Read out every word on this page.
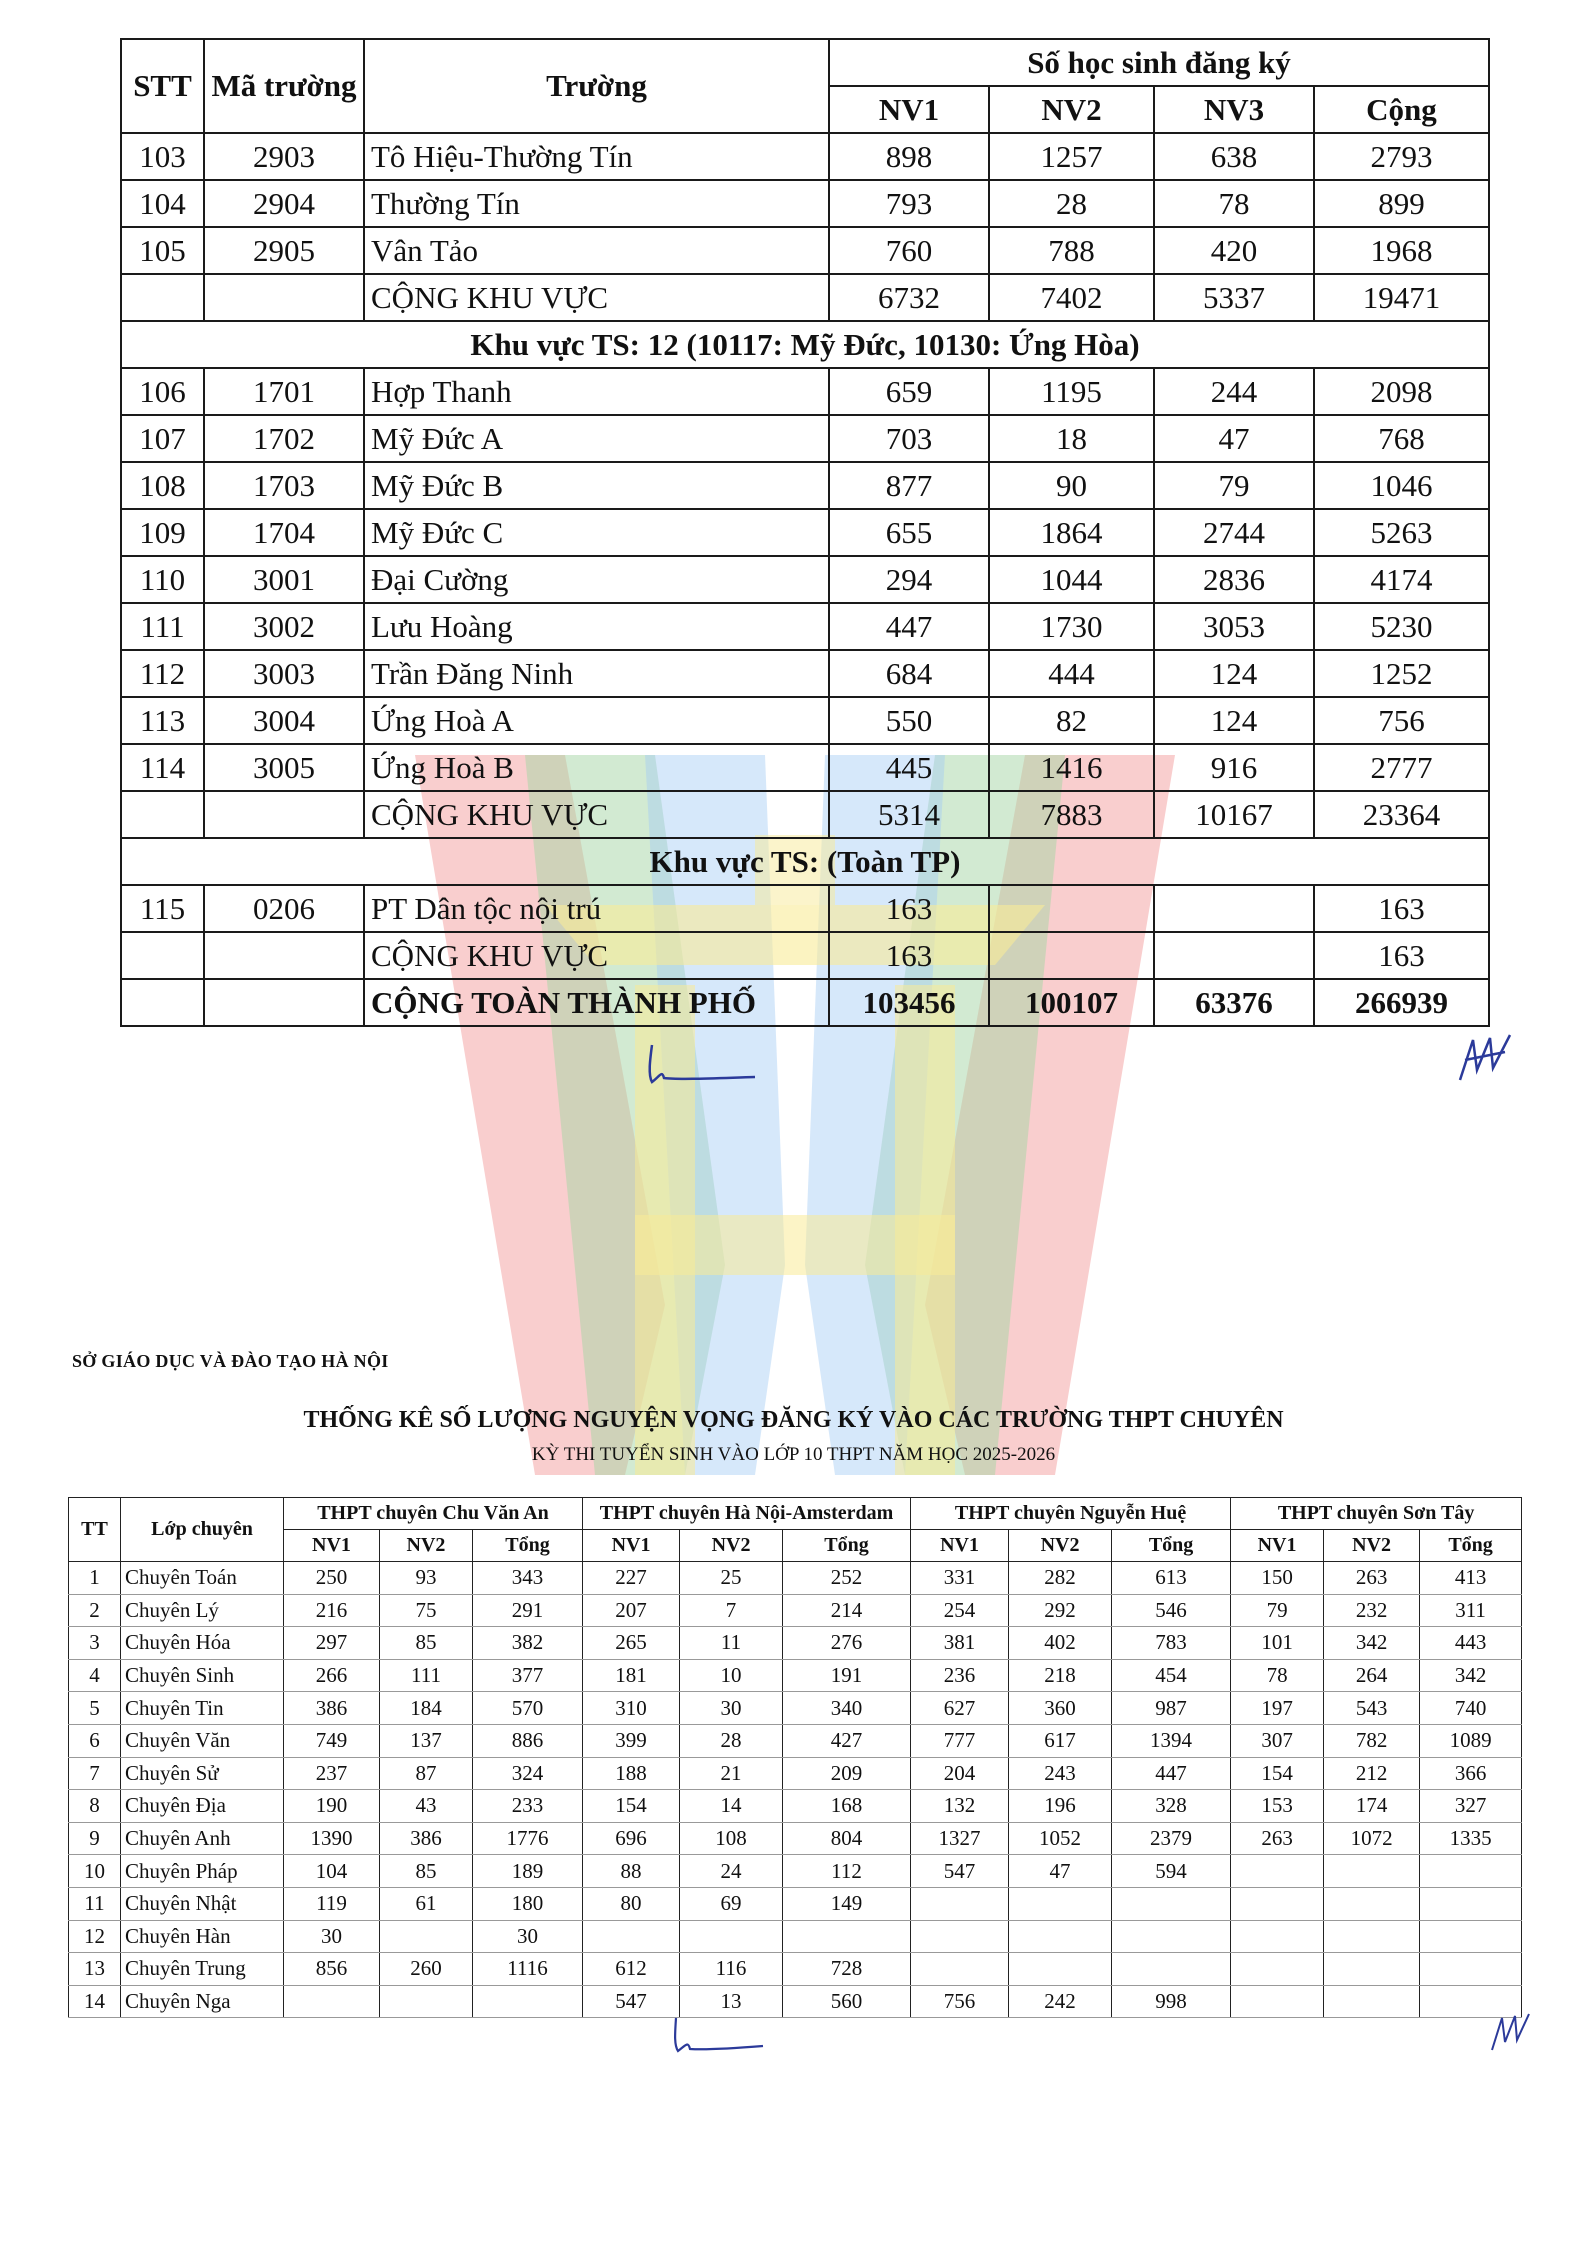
STT	Mã trường	Trường	Số học sinh đăng ký			
			NV1	NV2	NV3	Cộng
103	2903	Tô Hiệu-Thường Tín	898	1257	638	2793
104	2904	Thường Tín	793	28	78	899
105	2905	Vân Tảo	760	788	420	1968
		CỘNG KHU VỰC	6732	7402	5337	19471
Khu vực TS: 12 (10117: Mỹ Đức, 10130: Ứng Hòa)						
106	1701	Hợp Thanh	659	1195	244	2098
107	1702	Mỹ Đức A	703	18	47	768
108	1703	Mỹ Đức B	877	90	79	1046
109	1704	Mỹ Đức C	655	1864	2744	5263
110	3001	Đại Cường	294	1044	2836	4174
111	3002	Lưu Hoàng	447	1730	3053	5230
112	3003	Trần Đăng Ninh	684	444	124	1252
113	3004	Ứng Hoà A	550	82	124	756
114	3005	Ứng Hoà B	445	1416	916	2777
		CỘNG KHU VỰC	5314	7883	10167	23364
Khu vực TS: (Toàn TP)						
115	0206	PT Dân tộc nội trú	163			163
		CỘNG KHU VỰC	163			163
		CỘNG TOÀN THÀNH PHỐ	103456	100107	63376	266939
SỞ GIÁO DỤC VÀ ĐÀO TẠO HÀ NỘI
THỐNG KÊ SỐ LƯỢNG NGUYỆN VỌNG ĐĂNG KÝ VÀO CÁC TRƯỜNG THPT CHUYÊN
KỲ THI TUYỂN SINH VÀO LỚP 10 THPT NĂM HỌC 2025-2026
TT	Lớp chuyên	THPT chuyên Chu Văn An			THPT chuyên Hà Nội-Amsterdam			THPT chuyên Nguyễn Huệ			THPT chuyên Sơn Tây		
		NV1	NV2	Tổng	NV1	NV2	Tổng	NV1	NV2	Tổng	NV1	NV2	Tổng
1	Chuyên Toán	250	93	343	227	25	252	331	282	613	150	263	413
2	Chuyên Lý	216	75	291	207	7	214	254	292	546	79	232	311
3	Chuyên Hóa	297	85	382	265	11	276	381	402	783	101	342	443
4	Chuyên Sinh	266	111	377	181	10	191	236	218	454	78	264	342
5	Chuyên Tin	386	184	570	310	30	340	627	360	987	197	543	740
6	Chuyên Văn	749	137	886	399	28	427	777	617	1394	307	782	1089
7	Chuyên Sử	237	87	324	188	21	209	204	243	447	154	212	366
8	Chuyên Địa	190	43	233	154	14	168	132	196	328	153	174	327
9	Chuyên Anh	1390	386	1776	696	108	804	1327	1052	2379	263	1072	1335
10	Chuyên Pháp	104	85	189	88	24	112	547	47	594			
11	Chuyên Nhật	119	61	180	80	69	149						
12	Chuyên Hàn	30		30									
13	Chuyên Trung	856	260	1116	612	116	728						
14	Chuyên Nga				547	13	560	756	242	998			
